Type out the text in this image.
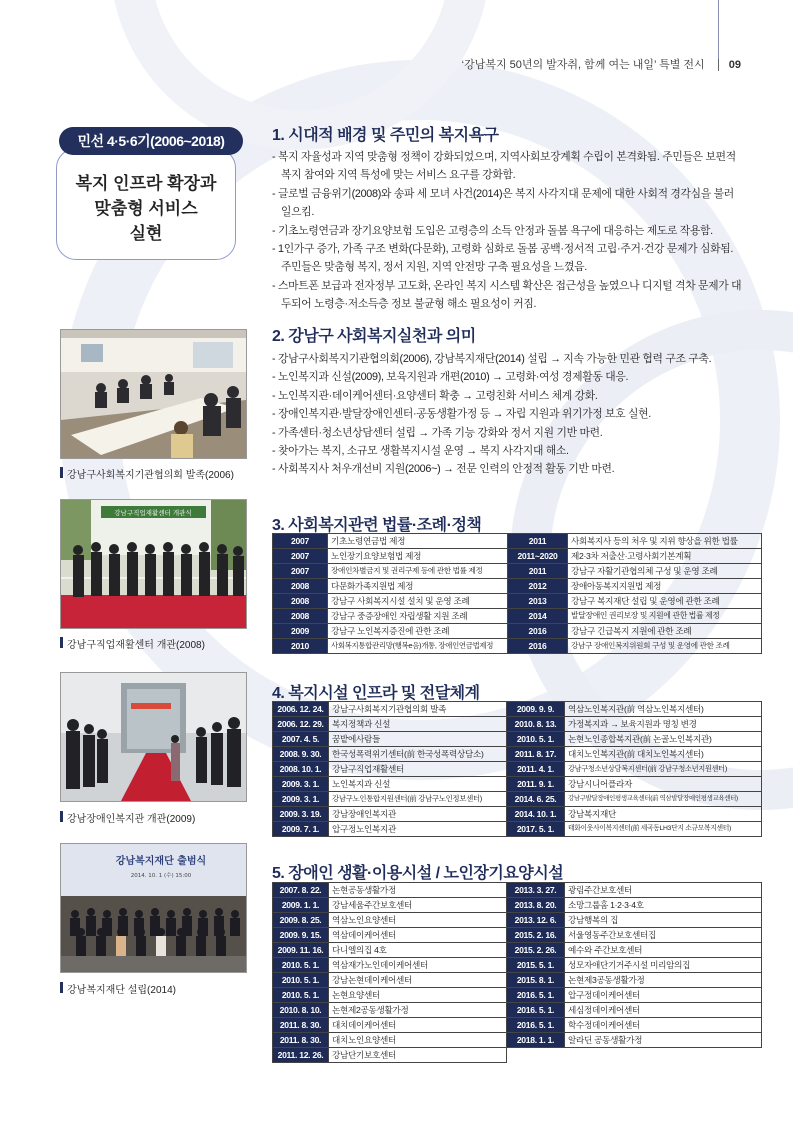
‘강남복지 50년의 발자취, 함께 여는 내일’ 특별 전시 09
복지 인프라 확장과
맞춤형 서비스
실현
민선 4·5·6기(2006~2018)	1. 시대적 배경 및 주민의 복지욕구
- 복지 자율성과 지역 맞춤형 정책이 강화되었으며, 지역사회보장계획 수립이 본격화됨. 주민들은 보편적 복지 참여와 지역 특성에 맞는 서비스 요구를 강화함.
- 글로벌 금융위기(2008)와 송파 세 모녀 사건(2014)은 복지 사각지대 문제에 대한 사회적 경각심을 불러일으킴.
- 기초노령연금과 장기요양보험 도입은 고령층의 소득 안정과 돌봄 욕구에 대응하는 제도로 작용함.
- 1인가구 증가, 가족 구조 변화(다문화), 고령화 심화로 돌봄 공백·정서적 고립·주거·건강 문제가 심화됨.주민들은 맞춤형 복지, 정서 지원, 지역 안전망 구축 필요성을 느꼈음.
- 스마트폰 보급과 전자정부 고도화, 온라인 복지 시스템 확산은 접근성을 높였으나 디지털 격차 문제가 대두되어 노령층·저소득층 정보 불균형 해소 필요성이 커짐.
2. 강남구 사회복지실천과 의미
- 강남구사회복지기관협의회(2006), 강남복지재단(2014) 설립 → 지속 가능한 민관 협력 구조 구축.
- 노인복지과 신설(2009), 보육지원과 개편(2010) → 고령화·여성 경제활동 대응.
- 노인복지관·데이케어센터·요양센터 확충 → 고령친화 서비스 체계 강화.
- 장애인복지관·발달장애인센터·공동생활가정 등 → 자립 지원과 위기가정 보호 실현.
- 가족센터·청소년상담센터 설립 → 가족 기능 강화와 정서 지원 기반 마련.
- 찾아가는 복지, 소규모 생활복지시설 운영 → 복지 사각지대 해소.
- 사회복지사 처우개선비 지원(2006~) → 전문 인력의 안정적 활동 기반 마련.
강남구사회복지기관협의회 발족(2006)
3. 사회복지관련 법률·조례·정책
2007	기초노령연금법 제정	2011	사회복지사 등의 처우 및 지위 향상을 위한 법률
2007	노인장기요양보험법 제정	2011~2020	제2·3차 저출산·고령사회기본계획
2007	장애인차별금지 및 권리구제 등에 관한 법률 제정	2011	강남구 자활기관협의체 구성 및 운영 조례
2008	다문화가족지원법 제정	2012	장애아동복지지원법 제정
2008	강남구 사회복지시설 설치 및 운영 조례	2013	강남구 복지재단 설립 및 운영에 관한 조례
2008	강남구 중증장애인 자립생활 지원 조례	2014	발달장애인 권리보장 및 지원에 관한 법률 제정
2009	강남구 노인복지증진에 관한 조례	2016	강남구 긴급복지 지원에 관한 조례
2010	사회복지통합관리망(행복e음)개통, 장애인연금법제정	2016	강남구 장애인복지위원회 구성 및 운영에 관한 조례
강남구직업재활센터 개관식
강남구직업재활센터 개관(2008)
4. 복지시설 인프라 및 전달체계
2006. 12. 24.	강남구사회복지기관협의회 발족	2009. 9. 9.	역삼노인복지관(前 역삼노인복지센터)
2006. 12. 29.	복지정책과 신설	2010. 8. 13.	가정복지과 → 보육지원과 명칭 변경
2007. 4. 5.	꿈밭에사람들	2010. 5. 1.	논현노인종합복지관(前 논골노인복지관)
2008. 9. 30.	한국성폭력위기센터(前 한국성폭력상담소)	2011. 8. 17.	대치노인복지관(前 대치노인복지센터)
2008. 10. 1.	강남구직업재활센터	2011. 4. 1.	강남구청소년상담복지센터(前 강남구청소년지원센터)
2009. 3. 1.	노인복지과 신설	2011. 9. 1.	강남시니어플라자
2009. 3. 1.	강남구노인통합지원센터(前 강남구노인정보센터)	2014. 6. 25.	강남구발달장애인평생교육센터(前 역삼발달장애인평생교육센터)
2009. 3. 19.	강남장애인복지관	2014. 10. 1.	강남복지재단
2009. 7. 1.	압구정노인복지관	2017. 5. 1.	태화이웃사이복지센터(前 세곡동LH3단지 소규모복지센터)
강남장애인복지관 개관(2009)
5. 장애인 생활·이용시설 / 노인장기요양시설
2007. 8. 22.	논현공동생활가정	2013. 3. 27.	광림주간보호센터
2009. 1. 1.	강남세움주간보호센터	2013. 8. 20.	소망그룹홈 1·2·3·4호
2009. 8. 25.	역삼노인요양센터	2013. 12. 6.	강남행복의 집
2009. 9. 15.	역삼데이케어센터	2015. 2. 16.	서울영동주간보호센터집
2009. 11. 16.	다니엘의집 4호	2015. 2. 26.	예수와 주간보호센터
2010. 5. 1.	역삼재가노인데이케어센터	2015. 5. 1.	성모자애단기거주시설 미리암의집
2010. 5. 1.	강남논현데이케어센터	2015. 8. 1.	논현제3공동생활가정
2010. 5. 1.	논현요양센터	2016. 5. 1.	압구정데이케어센터
2010. 8. 10.	논현제2공동생활가정	2016. 5. 1.	세심정데이케어센터
2011. 8. 30.	대치데이케어센터	2016. 5. 1.	학수정데이케어센터
2011. 8. 30.	대치노인요양센터	2018. 1. 1.	알라딘 공동생활가정
2011. 12. 26.	강남단기보호센터		
강남복지재단 출범식
2014. 10. 1 (수) 15:00
강남복지재단 설립(2014)
